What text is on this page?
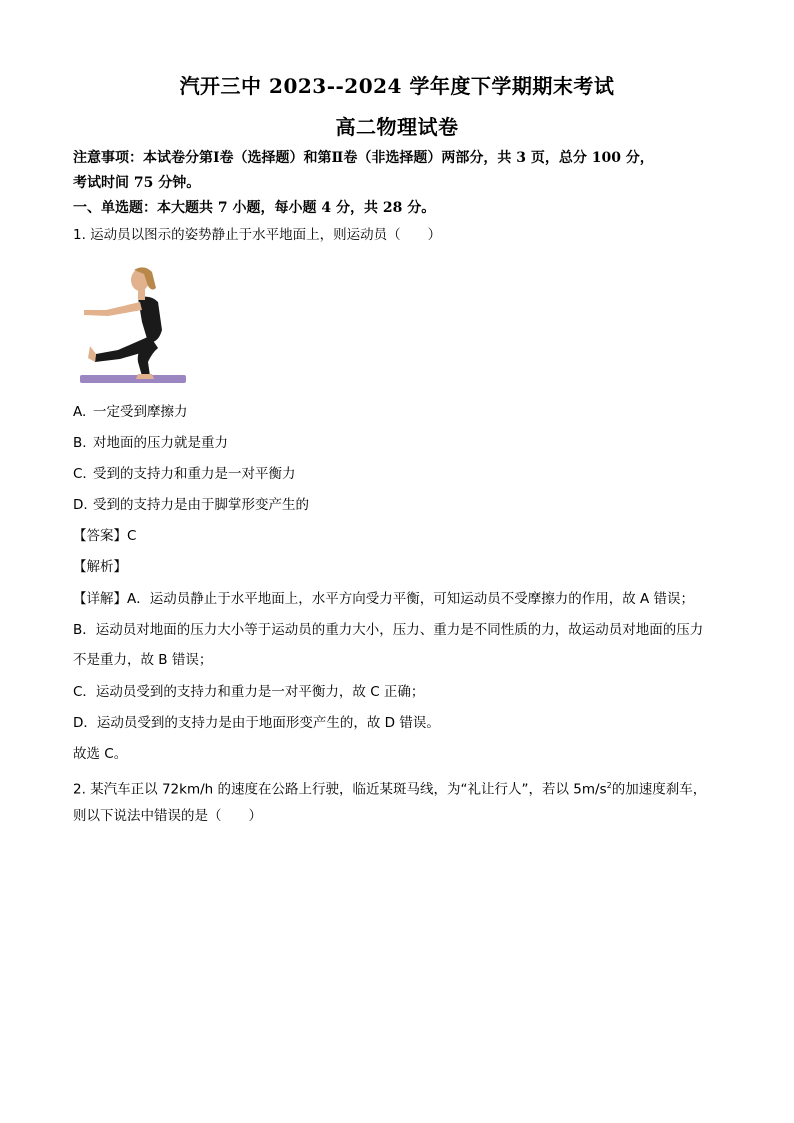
汽开三中 2023--2024 学年度下学期期末考试
高二物理试卷
注意事项：本试卷分第Ⅰ卷（选择题）和第Ⅱ卷（非选择题）两部分，共 3 页，总分 100 分，
考试时间 75 分钟。
一、单选题：本大题共 7 小题，每小题 4 分，共 28 分。
1. 运动员以图示的姿势静止于水平地面上，则运动员（　　）
A. 一定受到摩擦力
B. 对地面的压力就是重力
C. 受到的支持力和重力是一对平衡力
D. 受到的支持力是由于脚掌形变产生的
【答案】C
【解析】
【详解】A．运动员静止于水平地面上，水平方向受力平衡，可知运动员不受摩擦力的作用，故 A 错误；
B．运动员对地面的压力大小等于运动员的重力大小，压力、重力是不同性质的力，故运动员对地面的压力
不是重力，故 B 错误；
C．运动员受到的支持力和重力是一对平衡力，故 C 正确；
D．运动员受到的支持力是由于地面形变产生的，故 D 错误。
故选 C。
2. 某汽车正以 72km/h 的速度在公路上行驶，临近某斑马线，为“礼让行人”，若以 $5m/s^2$的加速度刹车，
则以下说法中错误的是（　　）
